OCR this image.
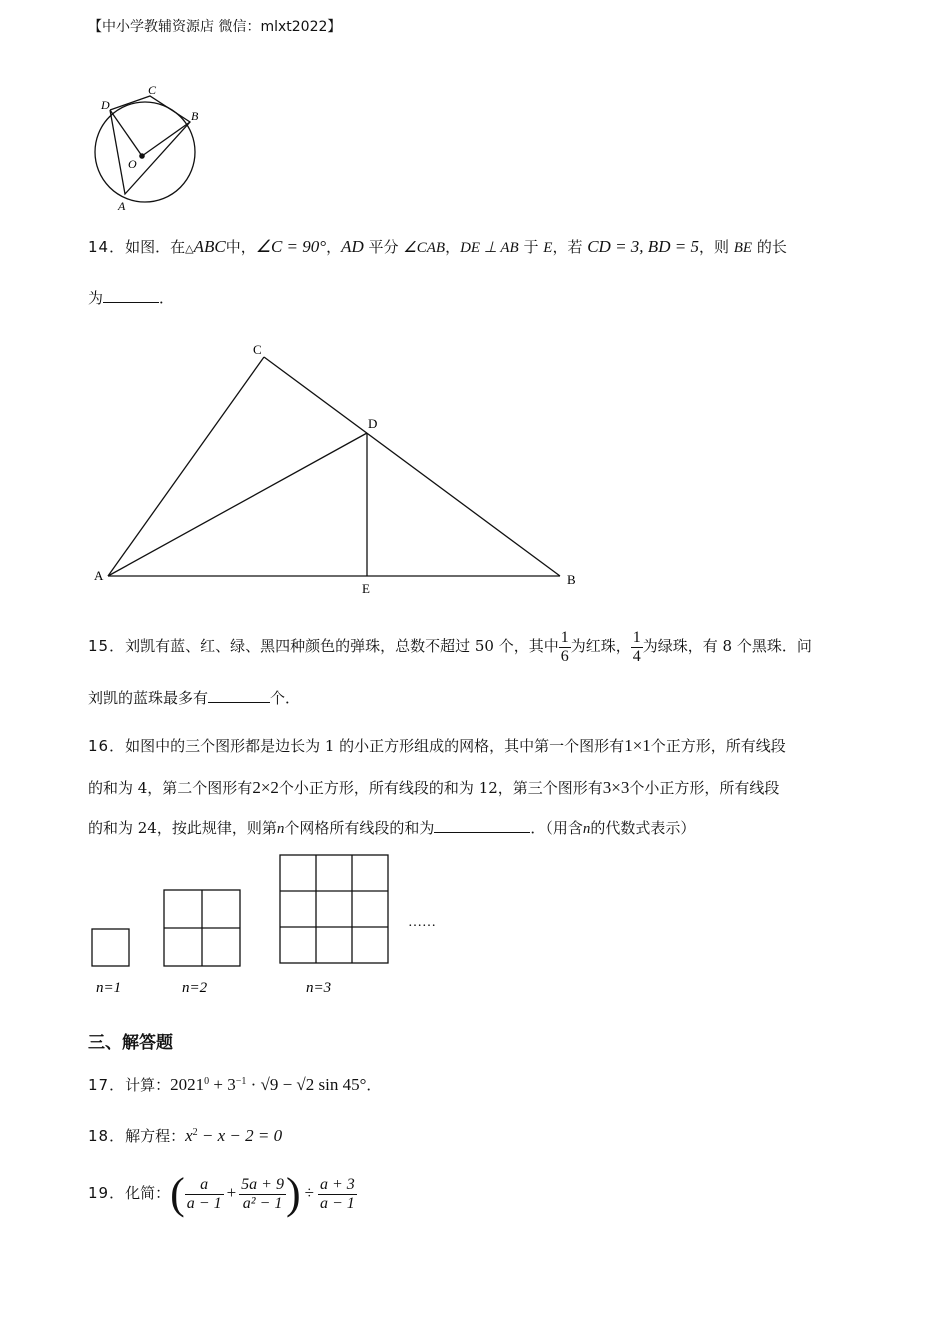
【中小学教辅资源店 微信：mlxt2022】
D
C
B
O
A
14．如图．在△ABC中，∠C = 90°，AD 平分 ∠CAB，DE ⊥ AB 于 E，若 CD = 3, BD = 5，则 BE 的长
为	．
C
D
A
E
B
15．刘凯有蓝、红、绿、黑四种颜色的弹珠，总数不超过 50 个，其中 $\frac{1}{6}$ 为红珠， $\frac{1}{4}$ 为绿珠，有 8 个黑珠．问
刘凯的蓝珠最多有	个．
16．如图中的三个图形都是边长为 1 的小正方形组成的网格，其中第一个图形有1×1个正方形，所有线段
的和为 4，第二个图形有2×2个小正方形，所有线段的和为 12，第三个图形有3×3个小正方形，所有线段
的和为 24，按此规律，则第n个网格所有线段的和为	．（用含n的代数式表示）
……
n=1	n=2	n=3
三、解答题
17．计算：$2021^0 + 3^{-1} \cdot √9 - √2$ sin 45°．
18．解方程：$x^2 - x - 2 = 0$
19．化简：( $\frac{a}{a - 1} + \frac{5a + 9}{\text{a² − 1}}$ ) ÷ $\frac{a + 3}{a - 1}$
